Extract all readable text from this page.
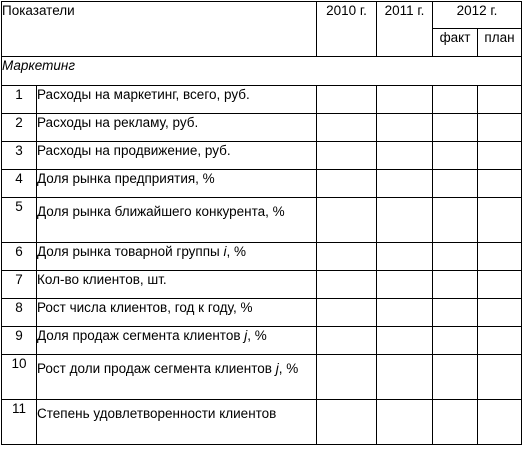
Показатели		2010 г.	2011 г.	2012 г.	
				факт	план
Маркетинг					
1	Расходы на маркетинг, всего, руб.				
2	Расходы на рекламу, руб.				
3	Расходы на продвижение, руб.				
4	Доля рынка предприятия, %				
5	Доля рынка ближайшего конкурента, %				
6	Доля рынка товарной группы i, %				
7	Кол-во клиентов, шт.				
8	Рост числа клиентов, год к году, %				
9	Доля продаж сегмента клиентов j, %				
10	Рост доли продаж сегмента клиентов j, %				
11	Степень удовлетворенности клиентов				
